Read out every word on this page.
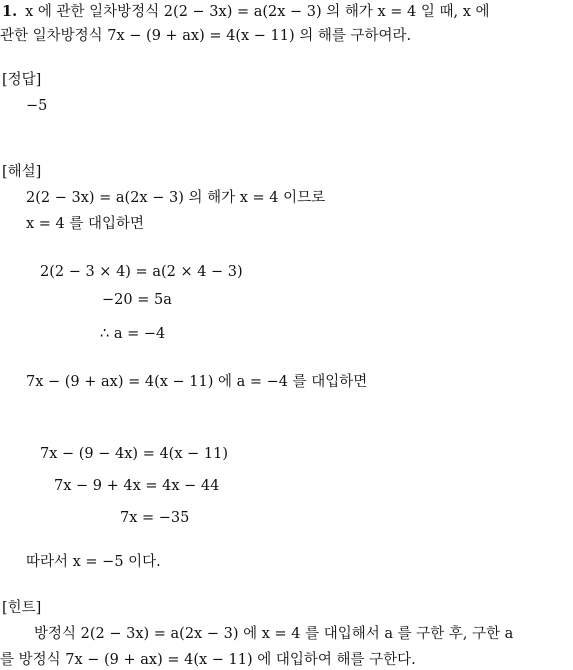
1. x 에 관한 일차방정식 2(2 − 3x) = a(2x − 3) 의 해가 x = 4 일 때, x 에
관한 일차방정식 7x − (9 + ax) = 4(x − 11) 의 해를 구하여라.
[정답]
−5
[해설]
2(2 − 3x) = a(2x − 3) 의 해가 x = 4 이므로
x = 4 를 대입하면
2(2 − 3 × 4) = a(2 × 4 − 3)
−20 = 5a
∴ a = −4
7x − (9 + ax) = 4(x − 11) 에 a = −4 를 대입하면
7x − (9 − 4x) = 4(x − 11)
7x − 9 + 4x = 4x − 44
7x = −35
따라서 x = −5 이다.
[힌트]
방정식 2(2 − 3x) = a(2x − 3) 에 x = 4 를 대입해서 a 를 구한 후, 구한 a
를 방정식 7x − (9 + ax) = 4(x − 11) 에 대입하여 해를 구한다.
